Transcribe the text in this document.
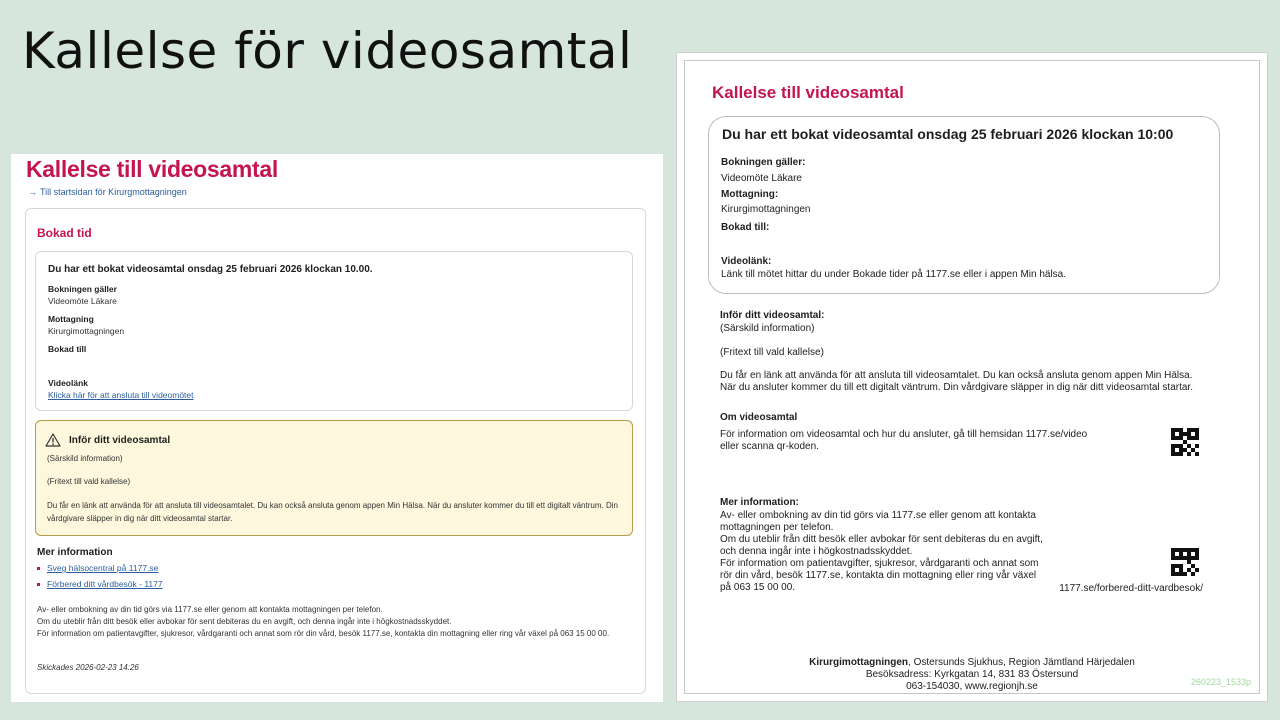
Kallelse för videosamtal
Kallelse till videosamtal
→ Till startsidan för Kirurgmottagningen
Bokad tid
Du har ett bokat videosamtal onsdag 25 februari 2026 klockan 10.00.
Bokningen gäller
Videomöte Läkare
Mottagning
Kirurgimottagningen
Bokad till
Videolänk
Klicka här för att ansluta till videomötet
Inför ditt videosamtal
(Särskild information)
(Fritext till vald kallelse)
Du får en länk att använda för att ansluta till videosamtalet. Du kan också ansluta genom appen Min Hälsa. När du ansluter kommer du till ett digitalt väntrum. Din vårdgivare släpper in dig när ditt videosamtal startar.
Mer information
Sveg hälsocentral på 1177.se
Förbered ditt vårdbesök - 1177
Av- eller ombokning av din tid görs via 1177.se eller genom att kontakta mottagningen per telefon.
Om du uteblir från ditt besök eller avbokar för sent debiteras du en avgift, och denna ingår inte i högkostnadsskyddet.
För information om patientavgifter, sjukresor, vårdgaranti och annat som rör din vård, besök 1177.se, kontakta din mottagning eller ring vår växel på 063 15 00 00.
Skickades 2026-02-23 14:26
Kallelse till videosamtal
Du har ett bokat videosamtal onsdag 25 februari 2026 klockan 10:00
Bokningen gäller:
Videomöte Läkare
Mottagning:
Kirurgimottagningen
Bokad till:
Videolänk:
Länk till mötet hittar du under Bokade tider på 1177.se eller i appen Min hälsa.
Inför ditt videosamtal:
(Särskild information)
(Fritext till vald kallelse)
Du får en länk att använda för att ansluta till videosamtalet. Du kan också ansluta genom appen Min Hälsa.
När du ansluter kommer du till ett digitalt väntrum. Din vårdgivare släpper in dig när ditt videosamtal startar.
Om videosamtal
För information om videosamtal och hur du ansluter, gå till hemsidan 1177.se/video
eller scanna qr-koden.
Mer information:
Av- eller ombokning av din tid görs via 1177.se eller genom att kontakta
mottagningen per telefon.
Om du uteblir från ditt besök eller avbokar för sent debiteras du en avgift,
och denna ingår inte i högkostnadsskyddet.
För information om patientavgifter, sjukresor, vårdgaranti och annat som
rör din vård, besök 1177.se, kontakta din mottagning eller ring vår växel
på 063 15 00 00.	1177.se/forbered-ditt-vardbesok/
Kirurgimottagningen, Ostersunds Sjukhus, Region Jämtland Härjedalen
Besöksadress: Kyrkgatan 14, 831 83 Östersund
063-154030, www.regionjh.se	260223_1533p
